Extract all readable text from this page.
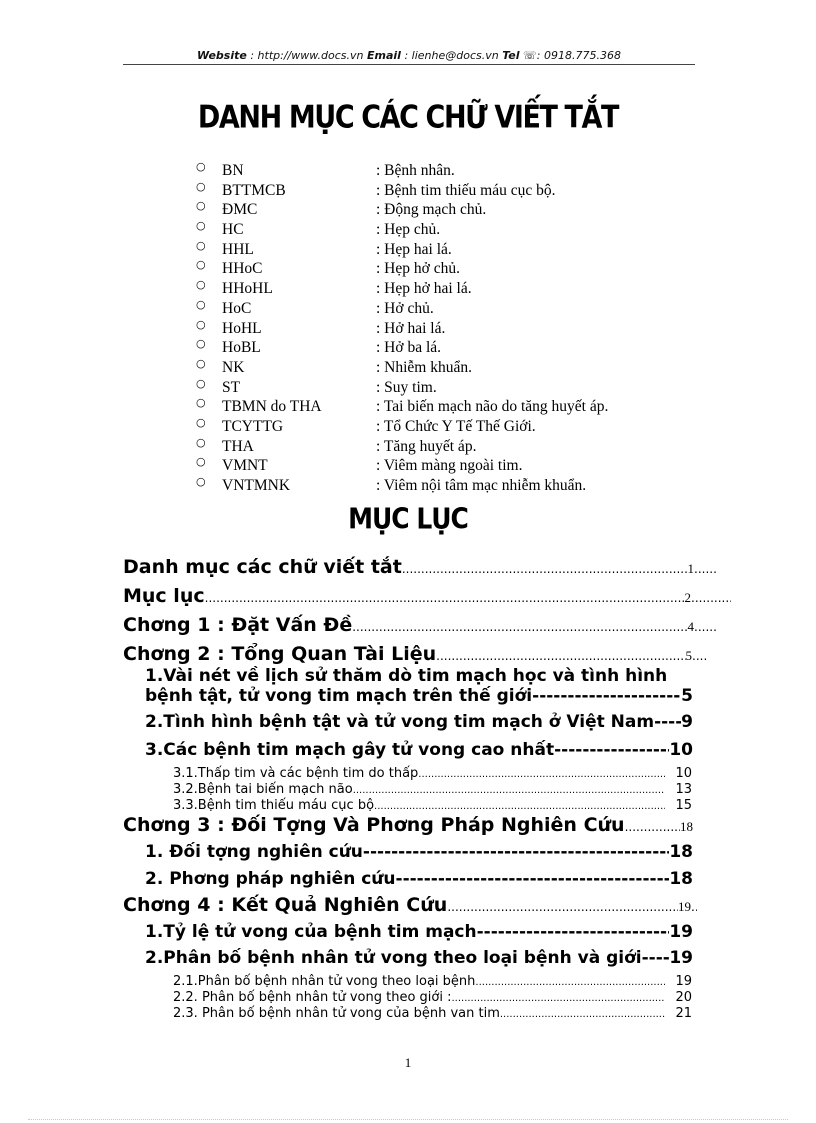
Website : http://www.docs.vn Email : lienhe@docs.vn Tel ☏: 0918.775.368
DANH MỤC CÁC CHỮ VIẾT TẮT
○ BN	: Bệnh nhân.
○ BTTMCB	: Bệnh tim thiếu máu cục bộ.
○ ĐMC	: Động mạch chủ.
○ HC	: Hẹp chủ.
○ HHL	: Hẹp hai lá.
○ HHoC	: Hẹp hở chủ.
○ HHoHL	: Hẹp hở hai lá.
○ HoC	: Hở chủ.
○ HoHL	: Hở hai lá.
○ HoBL	: Hở ba lá.
○ NK	: Nhiễm khuẩn.
○ ST	: Suy tim.
○ TBMN do THA	: Tai biến mạch não do tăng huyết áp.
○ TCYTTG	: Tổ Chức Y Tế Thế Giới.
○ THA	: Tăng huyết áp.
○ VMNT	: Viêm màng ngoài tim.
○ VNTMNK	: Viêm nội tâm mạc nhiễm khuẩn.
MỤC LỤC
Danh mục các chữ viết tắt .....	1
.....
Mục lục .....	2
.....
Chơng 1 : Đặt Vấn Đề .....	4
.....
Chơng 2 : Tổng Quan Tài Liệu .....	5
.....
1.Vài nét về lịch sử thăm dò tim mạch học và tình hình
bệnh tật, tử vong tim mạch trên thế giới -----	5
2.Tình hình bệnh tật và tử vong tim mạch ở Việt Nam ----- 9
3.Các bệnh tim mạch gây tử vong cao nhất -----	10
3.1.Thấp tim và các bệnh tim do thấp .....	10
3.2.Bệnh tai biến mạch não .....	13
3.3.Bệnh tim thiếu máu cục bộ .....	15
Chơng 3 : Đối Tợng Và Phơng Pháp Nghiên Cứu .....	18
1. Đối tợng nghiên cứu -----	18
2. Phơng pháp nghiên cứu -----	18
Chơng 4 : Kết Quả Nghiên Cứu .....	19
.....
1.Tỷ lệ tử vong của bệnh tim mạch -----	19
2.Phân bố bệnh nhân tử vong theo loại bệnh và giới ----- 19
2.1.Phân bố bệnh nhân tử vong theo loại bệnh .....	19
2.2. Phân bố bệnh nhân tử vong theo giới : .....	20
2.3. Phân bố bệnh nhân tử vong của bệnh van tim .....	21
1
